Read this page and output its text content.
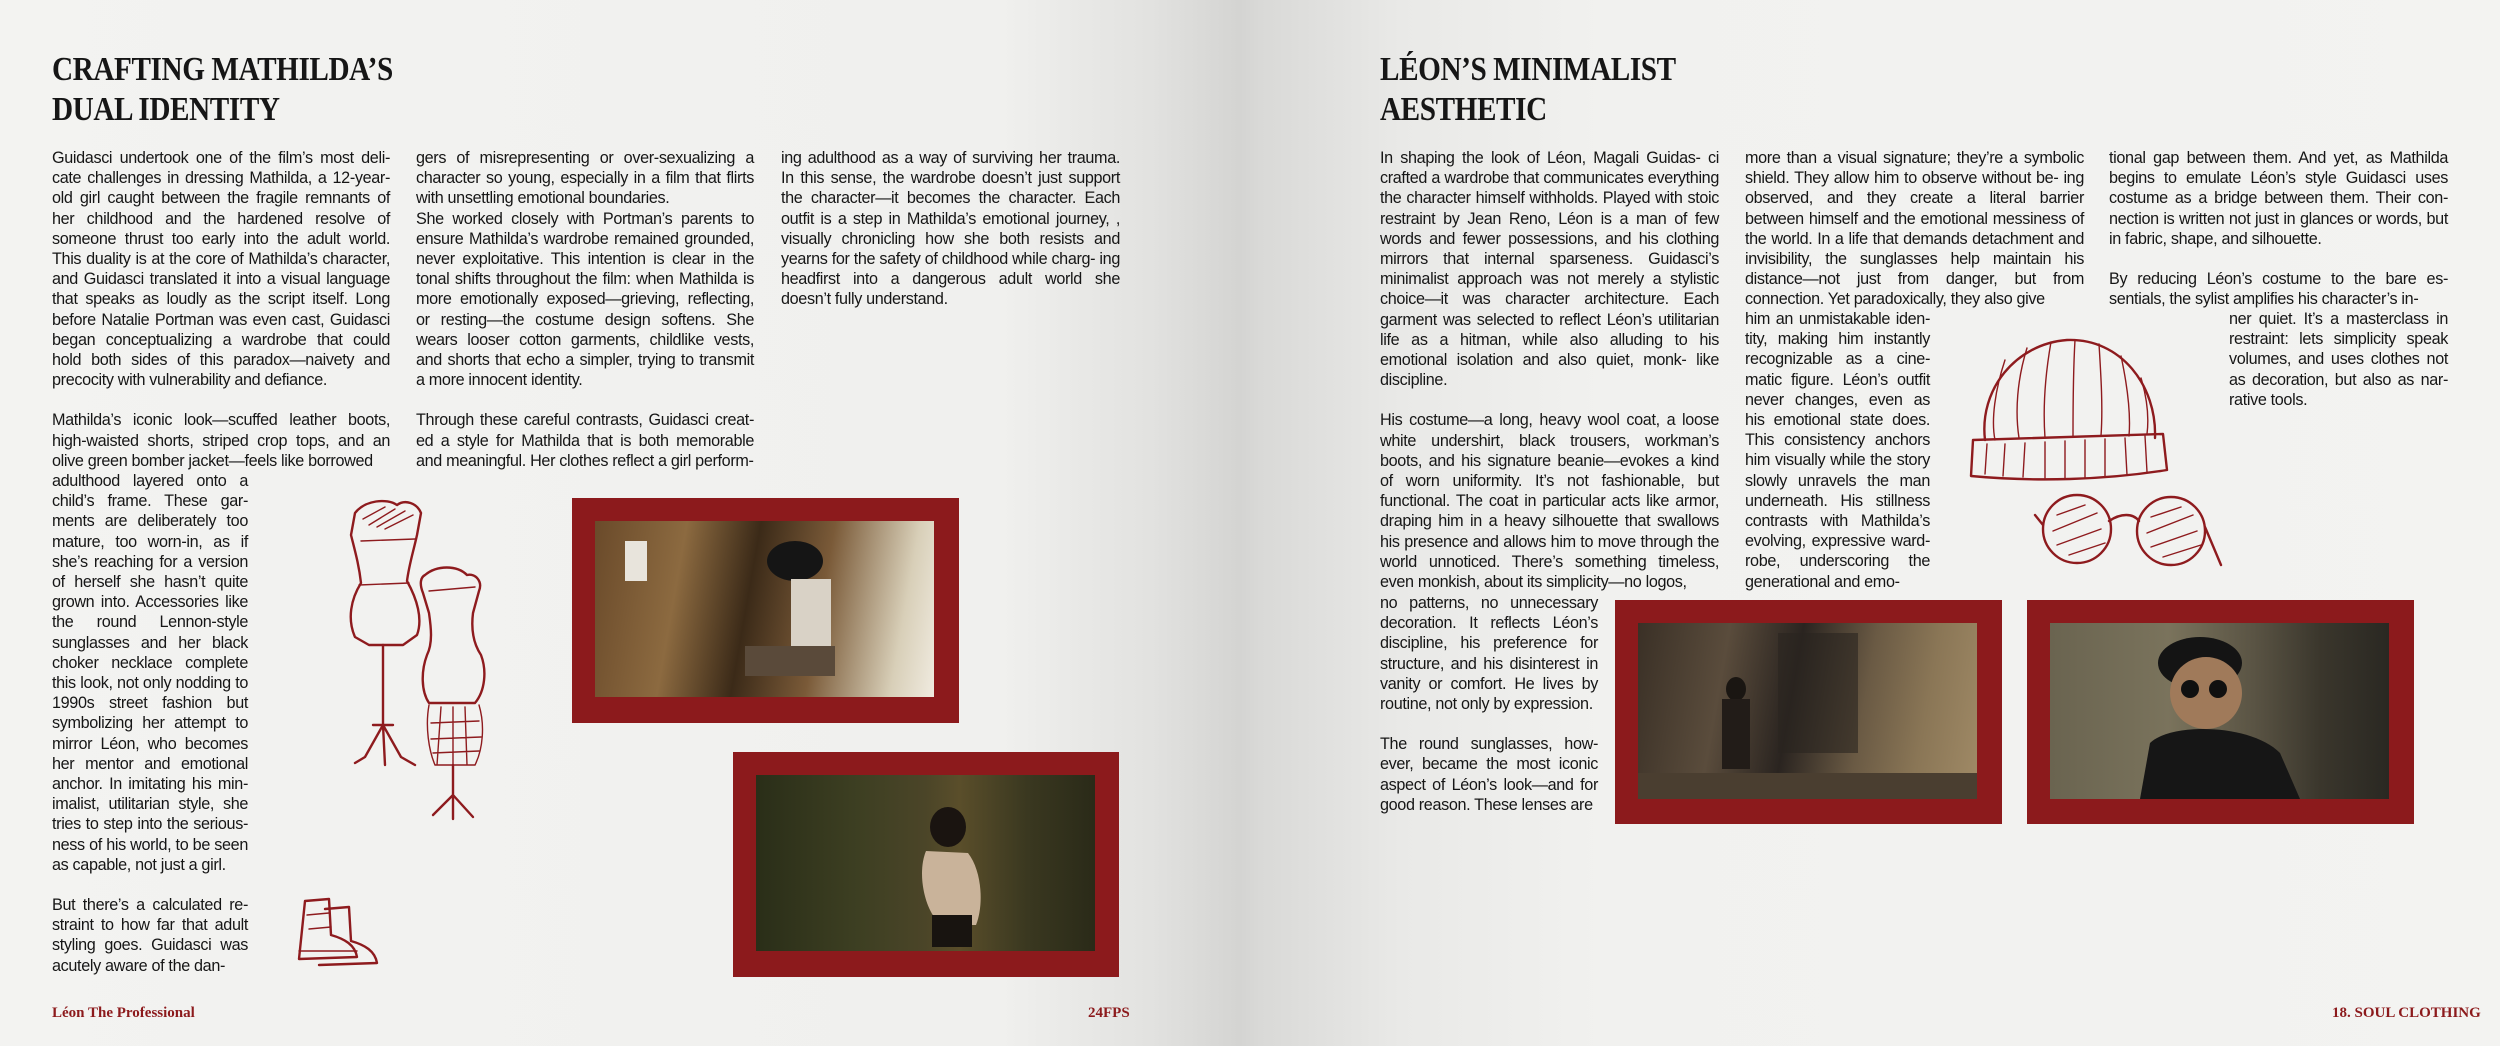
CRAFTING MATHILDA’S
DUAL IDENTITY

Guidasci undertook one of the film’s most deli- cate challenges in dressing Mathilda, a 12-year- old girl caught between the fragile remnants of her childhood and the hardened resolve of someone thrust too early into the adult world. This duality is at the core of Mathilda’s character, and Guidasci translated it into a visual language that speaks as loudly as the script itself. Long before Natalie Portman was even cast, Guidasci began conceptualizing a wardrobe that could hold both sides of this paradox—naivety and precocity with vulnerability and defiance.

Mathilda’s iconic look—scuffed leather boots, high-waisted shorts, striped crop tops, and an olive green bomber jacket—feels like borrowed

adulthood layered onto a child’s frame. These gar- ments are deliberately too mature, too worn-in, as if she’s reaching for a version of herself she hasn’t quite grown into. Accessories like the round Lennon-style sunglasses and her black choker necklace complete this look, not only nodding to 1990s street fashion but symbolizing her attempt to mirror Léon, who becomes her mentor and emotional anchor. In imitating his min- imalist, utilitarian style, she tries to step into the serious- ness of his world, to be seen as capable, not just a girl.

But there’s a calculated re- straint to how far that adult styling goes. Guidasci was acutely aware of the dan-

gers of misrepresenting or over-sexualizing a character so young, especially in a film that flirts with unsettling emotional boundaries.

She worked closely with Portman’s parents to ensure Mathilda’s wardrobe remained grounded, never exploitative. This intention is clear in the tonal shifts throughout the film: when Mathilda is more emotionally exposed—grieving, reflecting, or resting—the costume design softens. She wears looser cotton garments, childlike vests, and shorts that echo a simpler, trying to transmit a more innocent identity.

Through these careful contrasts, Guidasci creat- ed a style for Mathilda that is both memorable and meaningful. Her clothes reflect a girl perform-

ing adulthood as a way of surviving her trauma. In this sense, the wardrobe doesn’t just support the character—it becomes the character. Each outfit is a step in Mathilda’s emotional journey, , visually chronicling how she both resists and yearns for the safety of childhood while charg- ing headfirst into a dangerous adult world she doesn’t fully understand.

Léon The Professional	24FPS
LÉON’S MINIMALIST
AESTHETIC

In shaping the look of Léon, Magali Guidas- ci crafted a wardrobe that communicates everything the character himself withholds. Played with stoic restraint by Jean Reno, Léon is a man of few words and fewer possessions, and his clothing mirrors that internal sparseness. Guidasci’s minimalist approach was not merely a stylistic choice—it was character architecture. Each garment was selected to reflect Léon’s utilitarian life as a hitman, while also alluding to his emotional isolation and also quiet, monk- like discipline.

His costume—a long, heavy wool coat, a loose white undershirt, black trousers, workman’s boots, and his signature beanie—evokes a kind of worn uniformity. It’s not fashionable, but functional. The coat in particular acts like armor, draping him in a heavy silhouette that swallows his presence and allows him to move through the world unnoticed. There’s something timeless, even monkish, about its simplicity—no logos,

no patterns, no unnecessary decoration. It reflects Léon’s discipline, his preference for structure, and his disinterest in vanity or comfort. He lives by routine, not only by expression.

The round sunglasses, how- ever, became the most iconic aspect of Léon’s look—and for good reason. These lenses are

more than a visual signature; they’re a symbolic shield. They allow him to observe without be- ing observed, and they create a literal barrier between himself and the emotional messiness of the world. In a life that demands detachment and invisibility, the sunglasses help maintain his distance—not just from danger, but from connection. Yet paradoxically, they also give

him an unmistakable iden- tity, making him instantly recognizable as a cine- matic figure. Léon’s outfit never changes, even as his emotional state does. This consistency anchors him visually while the story slowly unravels the man underneath. His stillness contrasts with Mathilda’s evolving, expressive ward- robe, underscoring the generational and emo-

tional gap between them. And yet, as Mathilda begins to emulate Léon’s style Guidasci uses costume as a bridge between them. Their con- nection is written not just in glances or words, but in fabric, shape, and silhouette.

By reducing Léon’s costume to the bare es- sentials, the sylist amplifies his character’s in-

ner quiet. It’s a masterclass in restraint: lets simplicity speak volumes, and uses clothes not as decoration, but also as nar- rative tools.

18. SOUL CLOTHING
